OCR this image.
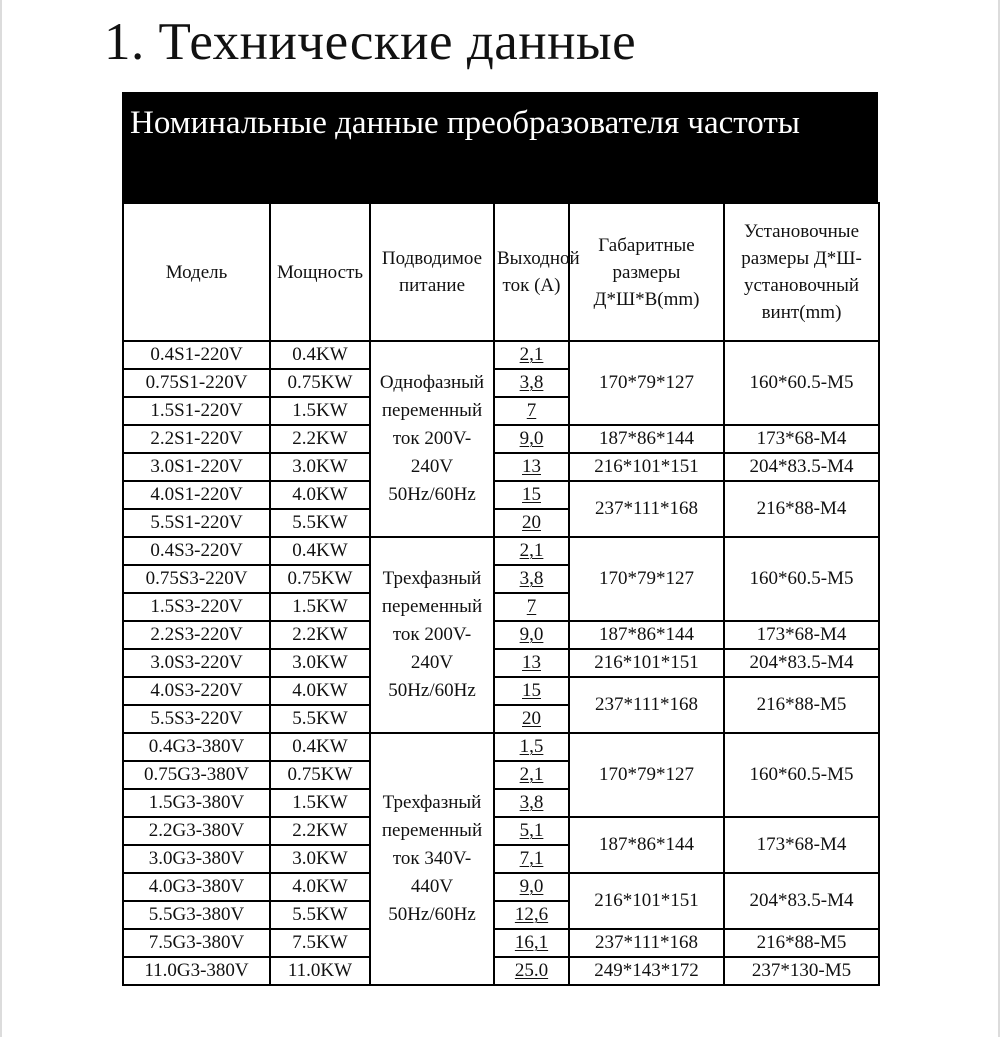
1. Технические данные
Номинальные данные преобразователя частоты
Модель	Мощность	Подводимое питание	Выходной ток (A)	Габаритные размеры Д*Ш*В(mm)	Установочные размеры Д*Ш-установочный винт(mm)
0.4S1-220V	0.4KW	Однофазный переменный ток 200V-240V 50Hz/60Hz	2,1	170*79*127	160*60.5-M5
0.75S1-220V	0.75KW		3,8		
1.5S1-220V	1.5KW		7		
2.2S1-220V	2.2KW		9,0	187*86*144	173*68-M4
3.0S1-220V	3.0KW		13	216*101*151	204*83.5-M4
4.0S1-220V	4.0KW		15	237*111*168	216*88-M4
5.5S1-220V	5.5KW		20		
0.4S3-220V	0.4KW	Трехфазный переменный ток 200V-240V 50Hz/60Hz	2,1	170*79*127	160*60.5-M5
0.75S3-220V	0.75KW		3,8		
1.5S3-220V	1.5KW		7		
2.2S3-220V	2.2KW		9,0	187*86*144	173*68-M4
3.0S3-220V	3.0KW		13	216*101*151	204*83.5-M4
4.0S3-220V	4.0KW		15	237*111*168	216*88-M5
5.5S3-220V	5.5KW		20		
0.4G3-380V	0.4KW	Трехфазный переменный ток 340V-440V 50Hz/60Hz	1,5	170*79*127	160*60.5-M5
0.75G3-380V	0.75KW		2,1		
1.5G3-380V	1.5KW		3,8		
2.2G3-380V	2.2KW		5,1	187*86*144	173*68-M4
3.0G3-380V	3.0KW		7,1		
4.0G3-380V	4.0KW		9,0	216*101*151	204*83.5-M4
5.5G3-380V	5.5KW		12,6		
7.5G3-380V	7.5KW		16,1	237*111*168	216*88-M5
11.0G3-380V	11.0KW		25.0	249*143*172	237*130-M5
